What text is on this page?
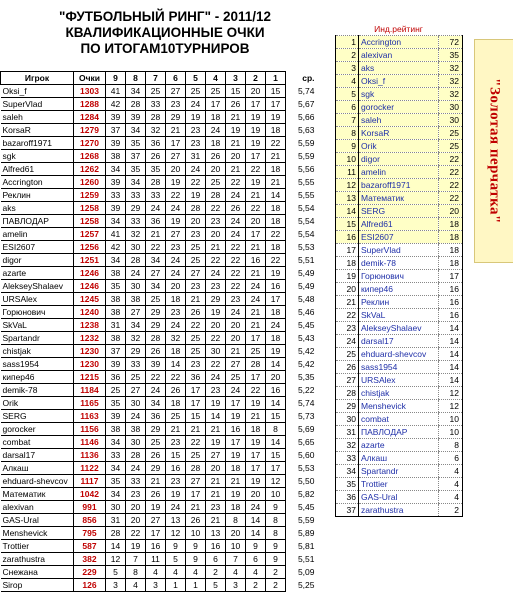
"ФУТБОЛЬНЫЙ РИНГ" - 2011/12
КВАЛИФИКАЦИОННЫЕ ОЧКИ
ПО ИТОГАМ10ТУРНИРОВ
Игрок	Очки	9	8	7	6	5	4	3	2	1	ср.
Oksi_f	1303	41	34	25	27	25	25	15	20	15	5,74
SuperVlad	1288	42	28	33	23	24	17	26	17	17	5,67
saleh	1284	39	39	28	29	19	18	21	19	19	5,66
KorsaR	1279	37	34	32	21	23	24	19	19	18	5,63
bazaroff1971	1270	39	35	36	17	23	18	21	19	22	5,59
sgk	1268	38	37	26	27	31	26	20	17	21	5,59
Alfred61	1262	34	35	35	20	24	20	21	22	18	5,56
Accrington	1260	39	34	28	19	22	25	22	19	21	5,55
Реклин	1259	33	33	33	22	19	28	24	21	14	5,55
aks	1258	39	29	24	24	28	22	26	22	18	5,54
ПАВЛОДАР	1258	34	33	36	19	20	23	24	20	18	5,54
amelin	1257	41	32	21	27	23	20	24	17	22	5,54
ESI2607	1256	42	30	22	23	25	21	22	21	18	5,53
digor	1251	34	28	34	24	25	22	22	16	22	5,51
azarte	1246	38	24	27	24	27	24	22	21	19	5,49
AlekseyShalaev	1246	35	30	34	20	23	23	22	24	16	5,49
URSAlex	1245	38	38	25	18	21	29	23	24	17	5,48
Горюнович	1240	38	27	29	23	26	19	24	21	18	5,46
SkVaL	1238	31	34	29	24	22	20	20	21	24	5,45
Spartandr	1232	38	32	28	32	25	22	20	17	18	5,43
chistjak	1230	37	29	26	18	25	30	21	25	19	5,42
sass1954	1230	39	33	39	14	23	22	27	28	14	5,42
кипер46	1215	36	25	22	22	36	24	25	17	20	5,35
demik-78	1184	25	27	24	26	17	23	24	22	16	5,22
Orik	1165	35	30	34	18	17	19	17	19	14	5,74
SERG	1163	39	24	36	25	15	14	19	21	15	5,73
gorocker	1156	38	38	29	21	21	21	16	18	8	5,69
combat	1146	34	30	25	23	22	19	17	19	14	5,65
darsal17	1136	33	28	26	15	25	27	19	17	15	5,60
Алкаш	1122	34	24	29	16	28	20	18	17	17	5,53
ehduard-shevcov	1117	35	33	21	23	27	21	21	19	12	5,50
Математик	1042	34	23	26	19	17	21	19	20	10	5,82
alexivan	991	30	20	19	24	21	23	18	24	9	5,45
GAS-Ural	856	31	20	27	13	26	21	8	14	8	5,59
Menshevick	795	28	22	17	12	10	13	20	14	8	5,89
Trottier	587	14	19	16	9	9	16	10	9	9	5,81
zarathustra	382	12	7	11	5	9	6	7	6	9	5,51
Снежана	229	5	8	4	4	4	2	4	4	2	5,09
Sirop	126	3	4	3	1	1	5	3	2	2	5,25
	Инд.рейтинг	
1	Accrington	72
2	alexivan	35
3	aks	32
4	Oksi_f	32
5	sgk	32
6	gorocker	30
7	saleh	30
8	KorsaR	25
9	Orik	25
10	digor	22
11	amelin	22
12	bazaroff1971	22
13	Математик	22
14	SERG	20
15	Alfred61	18
16	ESI2607	18
17	SuperVlad	18
18	demik-78	18
19	Горюнович	17
20	кипер46	16
21	Реклин	16
22	SkVaL	16
23	AlekseyShalaev	14
24	darsal17	14
25	ehduard-shevcov	14
26	sass1954	14
27	URSAlex	14
28	chistjak	12
29	Menshevick	12
30	combat	10
31	ПАВЛОДАР	10
32	azarte	8
33	Алкаш	6
34	Spartandr	4
35	Trottier	4
36	GAS-Ural	4
37	zarathustra	2
"Золотая перчатка"
